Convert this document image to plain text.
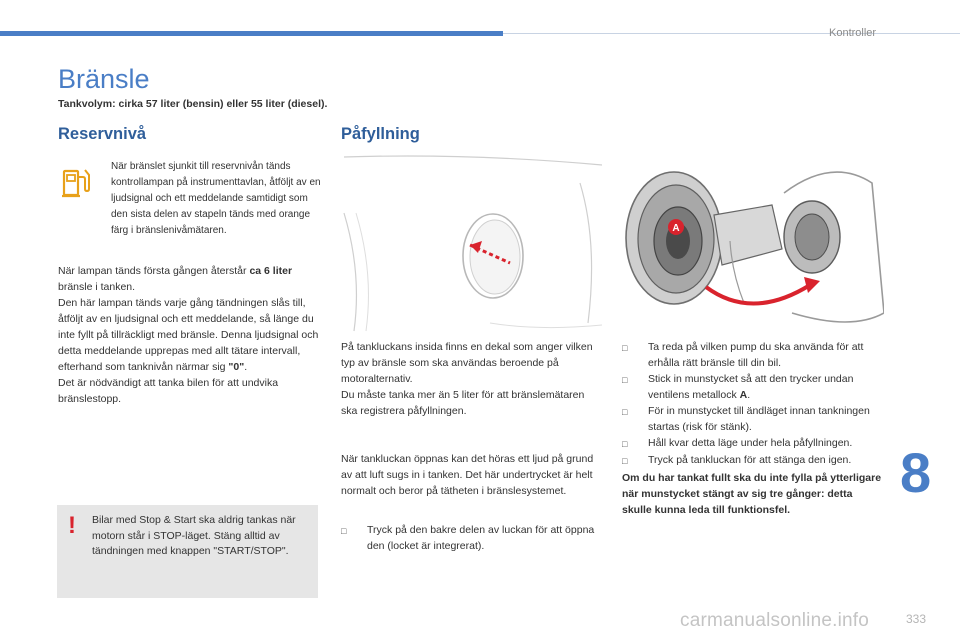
Kontroller
Bränsle
Tankvolym: cirka 57 liter (bensin) eller 55 liter (diesel).
Reservnivå	Påfyllning
När bränslet sjunkit till reservnivån tänds kontrollampan på instrumenttavlan, åtföljt av en ljudsignal och ett meddelande samtidigt som den sista delen av stapeln tänds med orange färg i bränslenivåmätaren.
När lampan tänds första gången återstår ca 6 liter bränsle i tanken.
Den här lampan tänds varje gång tändningen slås till, åtföljt av en ljudsignal och ett meddelande, så länge du inte fyllt på tillräckligt med bränsle. Denna ljudsignal och detta meddelande upprepas med allt tätare intervall, efterhand som tanknivån närmar sig "0".
Det är nödvändigt att tanka bilen för att undvika bränslestopp.
! Bilar med Stop & Start ska aldrig tankas när motorn står i STOP-läget. Stäng alltid av tändningen med knappen "START/STOP".
A
På tankluckans insida finns en dekal som anger vilken typ av bränsle som ska användas beroende på motoralternativ.
Du måste tanka mer än 5 liter för att bränslemätaren ska registrera påfyllningen.
När tankluckan öppnas kan det höras ett ljud på grund av att luft sugs in i tanken. Det här undertrycket är helt normalt och beror på tätheten i bränslesystemet.
□	Tryck på den bakre delen av luckan för att öppna den (locket är integrerat).
□	Ta reda på vilken pump du ska använda för att erhålla rätt bränsle till din bil.
□	Stick in munstycket så att den trycker undan ventilens metallock A.
□	För in munstycket till ändläget innan tankningen startas (risk för stänk).
□	Håll kvar detta läge under hela påfyllningen.
□	Tryck på tankluckan för att stänga den igen.
Om du har tankat fullt ska du inte fylla på ytterligare när munstycket stängt av sig tre gånger: detta skulle kunna leda till funktionsfel.
8
carmanualsonline.info	333
